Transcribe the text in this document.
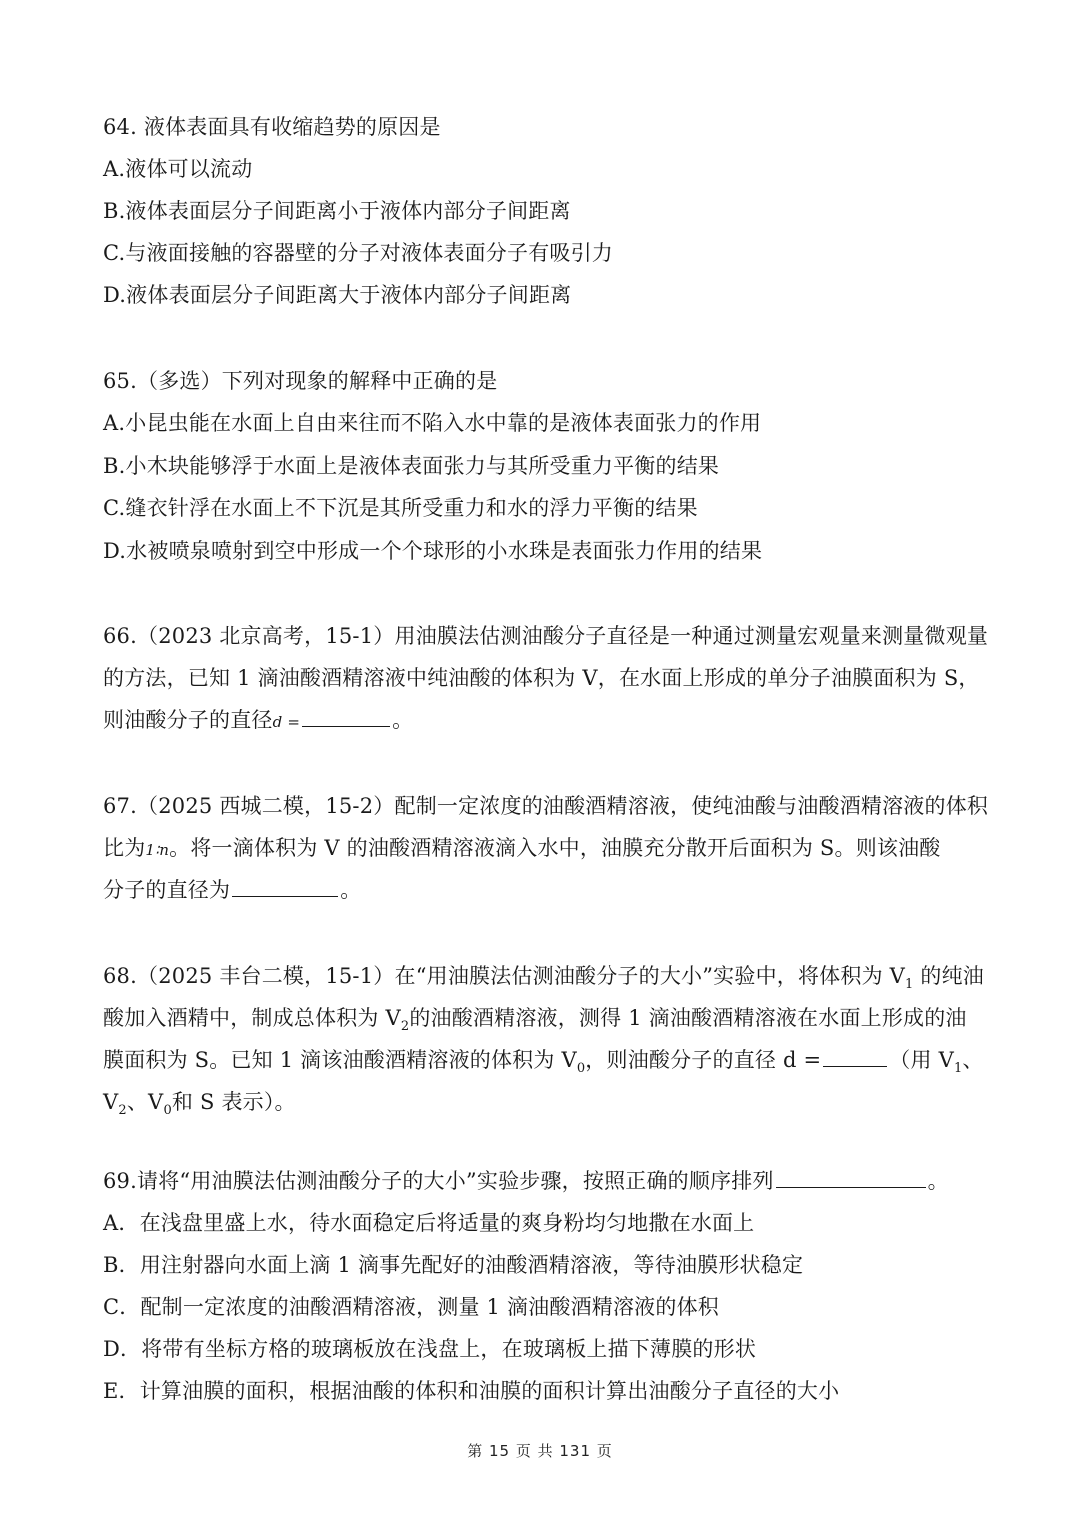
64. 液体表面具有收缩趋势的原因是
A.液体可以流动
B.液体表面层分子间距离小于液体内部分子间距离
C.与液面接触的容器壁的分子对液体表面分子有吸引力
D.液体表面层分子间距离大于液体内部分子间距离
65.（多选）下列对现象的解释中正确的是
A.小昆虫能在水面上自由来往而不陷入水中靠的是液体表面张力的作用
B.小木块能够浮于水面上是液体表面张力与其所受重力平衡的结果
C.缝衣针浮在水面上不下沉是其所受重力和水的浮力平衡的结果
D.水被喷泉喷射到空中形成一个个球形的小水珠是表面张力作用的结果
66.（2023 北京高考，15-1）用油膜法估测油酸分子直径是一种通过测量宏观量来测量微观量
的方法，已知 1 滴油酸酒精溶液中纯油酸的体积为 V，在水面上形成的单分子油膜面积为 S，
则油酸分子的直径d =	。
67.（2025 西城二模，15-2）配制一定浓度的油酸酒精溶液，使纯油酸与油酸酒精溶液的体积
比为1∶n。将一滴体积为 V 的油酸酒精溶液滴入水中，油膜充分散开后面积为 S。则该油酸
分子的直径为	。
68.（2025 丰台二模，15-1）在“用油膜法估测油酸分子的大小”实验中，将体积为 $V_1$ 的纯油
酸加入酒精中，制成总体积为 $V_2$的油酸酒精溶液，测得 1 滴油酸酒精溶液在水面上形成的油
膜面积为 S。已知 1 滴该油酸酒精溶液的体积为 $V_0$，则油酸分子的直径 d =	（用 $V_1$、
$V_2$、$V_0$和 S 表示）。
69.请将“用油膜法估测油酸分子的大小”实验步骤，按照正确的顺序排列	。
A．在浅盘里盛上水，待水面稳定后将适量的爽身粉均匀地撒在水面上
B．用注射器向水面上滴 1 滴事先配好的油酸酒精溶液，等待油膜形状稳定
C．配制一定浓度的油酸酒精溶液，测量 1 滴油酸酒精溶液的体积
D．将带有坐标方格的玻璃板放在浅盘上，在玻璃板上描下薄膜的形状
E．计算油膜的面积，根据油酸的体积和油膜的面积计算出油酸分子直径的大小
第 15 页 共 131 页
